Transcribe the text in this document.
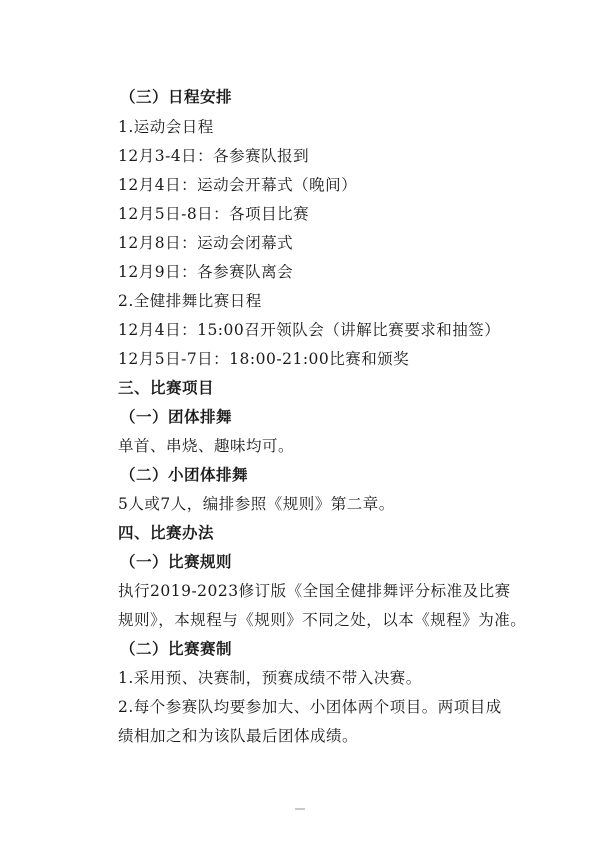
（三）日程安排
1.运动会日程
12月3-4日：各参赛队报到
12月4日：运动会开幕式（晚间）
12月5日-8日：各项目比赛
12月8日：运动会闭幕式
12月9日：各参赛队离会
2.全健排舞比赛日程
12月4日：15:00召开领队会（讲解比赛要求和抽签）
12月5日-7日：18:00-21:00比赛和颁奖
三、比赛项目
（一）团体排舞
单首、串烧、趣味均可。
（二）小团体排舞
5人或7人，编排参照《规则》第二章。
四、比赛办法
（一）比赛规则
执行2019-2023修订版《全国全健排舞评分标准及比赛
规则》，本规程与《规则》不同之处，以本《规程》为准。
（二）比赛赛制
1.采用预、决赛制，预赛成绩不带入决赛。
2.每个参赛队均要参加大、小团体两个项目。两项目成
绩相加之和为该队最后团体成绩。
